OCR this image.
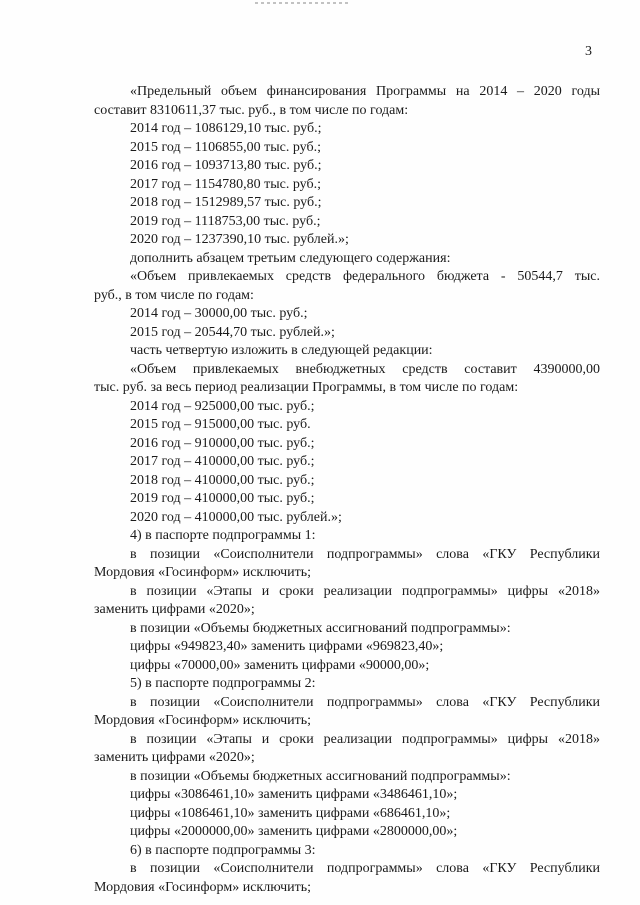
3
«Предельный объем финансирования Программы на 2014 – 2020 годы
составит 8310611,37 тыс. руб., в том числе по годам:
2014 год – 1086129,10 тыс. руб.;
2015 год – 1106855,00 тыс. руб.;
2016 год – 1093713,80 тыс. руб.;
2017 год – 1154780,80 тыс. руб.;
2018 год – 1512989,57 тыс. руб.;
2019 год – 1118753,00 тыс. руб.;
2020 год – 1237390,10 тыс. рублей.»;
дополнить абзацем третьим следующего содержания:
«Объем привлекаемых средств федерального бюджета - 50544,7 тыс.
руб., в том числе по годам:
2014 год – 30000,00 тыс. руб.;
2015 год – 20544,70 тыс. рублей.»;
часть четвертую изложить в следующей редакции:
«Объем привлекаемых внебюджетных средств составит 4390000,00
тыс. руб. за весь период реализации Программы, в том числе по годам:
2014 год – 925000,00 тыс. руб.;
2015 год – 915000,00 тыс. руб.
2016 год – 910000,00 тыс. руб.;
2017 год – 410000,00 тыс. руб.;
2018 год – 410000,00 тыс. руб.;
2019 год – 410000,00 тыс. руб.;
2020 год – 410000,00 тыс. рублей.»;
4) в паспорте подпрограммы 1:
в позиции «Соисполнители подпрограммы» слова «ГКУ Республики
Мордовия «Госинформ» исключить;
в позиции «Этапы и сроки реализации подпрограммы» цифры «2018»
заменить цифрами «2020»;
в позиции «Объемы бюджетных ассигнований подпрограммы»:
цифры «949823,40» заменить цифрами «969823,40»;
цифры «70000,00» заменить цифрами «90000,00»;
5) в паспорте подпрограммы 2:
в позиции «Соисполнители подпрограммы» слова «ГКУ Республики
Мордовия «Госинформ» исключить;
в позиции «Этапы и сроки реализации подпрограммы» цифры «2018»
заменить цифрами «2020»;
в позиции «Объемы бюджетных ассигнований подпрограммы»:
цифры «3086461,10» заменить цифрами «3486461,10»;
цифры «1086461,10» заменить цифрами «686461,10»;
цифры «2000000,00» заменить цифрами «2800000,00»;
6) в паспорте подпрограммы 3:
в позиции «Соисполнители подпрограммы» слова «ГКУ Республики
Мордовия «Госинформ» исключить;
